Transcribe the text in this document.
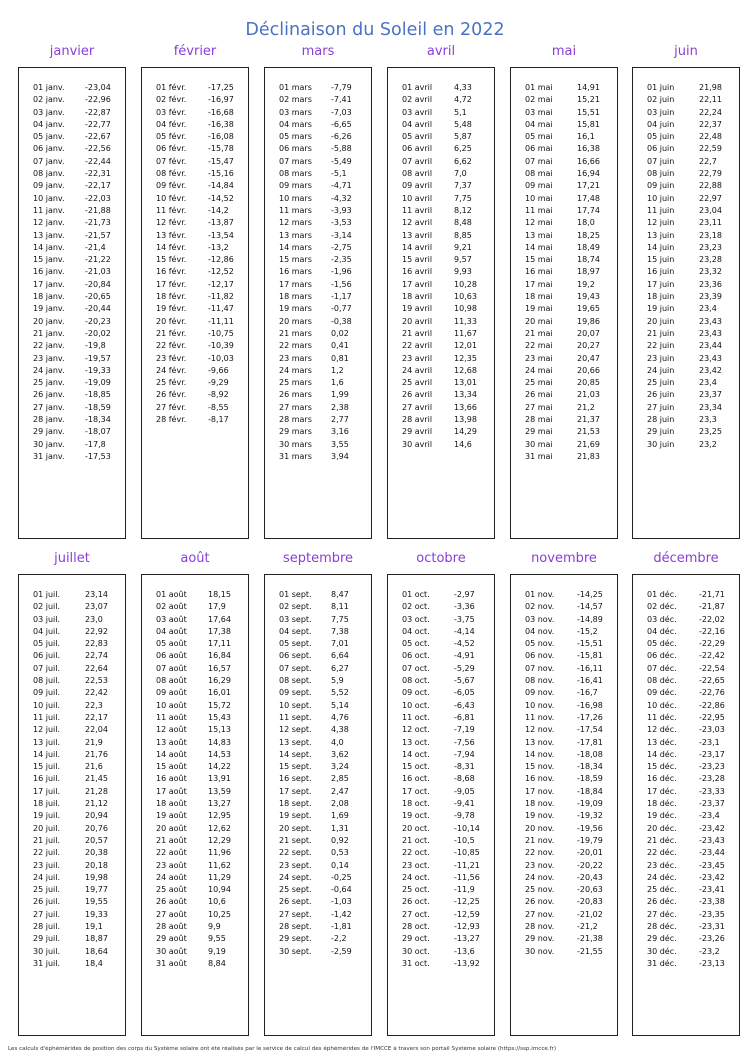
Déclinaison du Soleil en 2022
janvier
01 janv.	-23,04
02 janv.	-22,96
03 janv.	-22,87
04 janv.	-22,77
05 janv.	-22,67
06 janv.	-22,56
07 janv.	-22,44
08 janv.	-22,31
09 janv.	-22,17
10 janv.	-22,03
11 janv.	-21,88
12 janv.	-21,73
13 janv.	-21,57
14 janv.	-21,4
15 janv.	-21,22
16 janv.	-21,03
17 janv.	-20,84
18 janv.	-20,65
19 janv.	-20,44
20 janv.	-20,23
21 janv.	-20,02
22 janv.	-19,8
23 janv.	-19,57
24 janv.	-19,33
25 janv.	-19,09
26 janv.	-18,85
27 janv.	-18,59
28 janv.	-18,34
29 janv.	-18,07
30 janv.	-17,8
31 janv.	-17,53
février
01 févr.	-17,25
02 févr.	-16,97
03 févr.	-16,68
04 févr.	-16,38
05 févr.	-16,08
06 févr.	-15,78
07 févr.	-15,47
08 févr.	-15,16
09 févr.	-14,84
10 févr.	-14,52
11 févr.	-14,2
12 févr.	-13,87
13 févr.	-13,54
14 févr.	-13,2
15 févr.	-12,86
16 févr.	-12,52
17 févr.	-12,17
18 févr.	-11,82
19 févr.	-11,47
20 févr.	-11,11
21 févr.	-10,75
22 févr.	-10,39
23 févr.	-10,03
24 févr.	-9,66
25 févr.	-9,29
26 févr.	-8,92
27 févr.	-8,55
28 févr.	-8,17
mars
01 mars -7,79
02 mars -7,41
03 mars -7,03
04 mars -6,65
05 mars -6,26
06 mars -5,88
07 mars -5,49
08 mars -5,1
09 mars -4,71
10 mars -4,32
11 mars -3,93
12 mars -3,53
13 mars -3,14
14 mars -2,75
15 mars -2,35
16 mars -1,96
17 mars -1,56
18 mars -1,17
19 mars -0,77
20 mars -0,38
21 mars 0,02
22 mars 0,41
23 mars 0,81
24 mars 1,2
25 mars 1,6
26 mars 1,99
27 mars 2,38
28 mars 2,77
29 mars 3,16
30 mars 3,55
31 mars 3,94
avril
01 avril	4,33
02 avril	4,72
03 avril	5,1
04 avril	5,48
05 avril	5,87
06 avril	6,25
07 avril	6,62
08 avril	7,0
09 avril	7,37
10 avril	7,75
11 avril	8,12
12 avril	8,48
13 avril	8,85
14 avril	9,21
15 avril	9,57
16 avril	9,93
17 avril	10,28
18 avril	10,63
19 avril	10,98
20 avril	11,33
21 avril	11,67
22 avril	12,01
23 avril	12,35
24 avril	12,68
25 avril	13,01
26 avril	13,34
27 avril	13,66
28 avril	13,98
29 avril	14,29
30 avril	14,6
mai
01 mai	14,91
02 mai	15,21
03 mai	15,51
04 mai	15,81
05 mai	16,1
06 mai	16,38
07 mai	16,66
08 mai	16,94
09 mai	17,21
10 mai	17,48
11 mai	17,74
12 mai	18,0
13 mai	18,25
14 mai	18,49
15 mai	18,74
16 mai	18,97
17 mai	19,2
18 mai	19,43
19 mai	19,65
20 mai	19,86
21 mai	20,07
22 mai	20,27
23 mai	20,47
24 mai	20,66
25 mai	20,85
26 mai	21,03
27 mai	21,2
28 mai	21,37
29 mai	21,53
30 mai	21,69
31 mai	21,83
juin
01 juin	21,98
02 juin	22,11
03 juin	22,24
04 juin	22,37
05 juin	22,48
06 juin	22,59
07 juin	22,7
08 juin	22,79
09 juin	22,88
10 juin	22,97
11 juin	23,04
12 juin	23,11
13 juin	23,18
14 juin	23,23
15 juin	23,28
16 juin	23,32
17 juin	23,36
18 juin	23,39
19 juin	23,4
20 juin	23,43
21 juin	23,43
22 juin	23,44
23 juin	23,43
24 juin	23,42
25 juin	23,4
26 juin	23,37
27 juin	23,34
28 juin	23,3
29 juin	23,25
30 juin	23,2
juillet
01 juil.	23,14
02 juil.	23,07
03 juil.	23,0
04 juil.	22,92
05 juil.	22,83
06 juil.	22,74
07 juil.	22,64
08 juil.	22,53
09 juil.	22,42
10 juil.	22,3
11 juil.	22,17
12 juil.	22,04
13 juil.	21,9
14 juil.	21,76
15 juil.	21,6
16 juil.	21,45
17 juil.	21,28
18 juil.	21,12
19 juil.	20,94
20 juil.	20,76
21 juil.	20,57
22 juil.	20,38
23 juil.	20,18
24 juil.	19,98
25 juil.	19,77
26 juil.	19,55
27 juil.	19,33
28 juil.	19,1
29 juil.	18,87
30 juil.	18,64
31 juil.	18,4
août
01 août	18,15
02 août	17,9
03 août	17,64
04 août	17,38
05 août	17,11
06 août	16,84
07 août	16,57
08 août	16,29
09 août	16,01
10 août	15,72
11 août	15,43
12 août	15,13
13 août	14,83
14 août	14,53
15 août	14,22
16 août	13,91
17 août	13,59
18 août	13,27
19 août	12,95
20 août	12,62
21 août	12,29
22 août	11,96
23 août	11,62
24 août	11,29
25 août	10,94
26 août	10,6
27 août	10,25
28 août	9,9
29 août	9,55
30 août	9,19
31 août	8,84
septembre
01 sept. 8,47
02 sept. 8,11
03 sept. 7,75
04 sept. 7,38
05 sept. 7,01
06 sept. 6,64
07 sept. 6,27
08 sept. 5,9
09 sept. 5,52
10 sept. 5,14
11 sept. 4,76
12 sept. 4,38
13 sept. 4,0
14 sept. 3,62
15 sept. 3,24
16 sept. 2,85
17 sept. 2,47
18 sept. 2,08
19 sept. 1,69
20 sept. 1,31
21 sept. 0,92
22 sept. 0,53
23 sept. 0,14
24 sept. -0,25
25 sept. -0,64
26 sept. -1,03
27 sept. -1,42
28 sept. -1,81
29 sept. -2,2
30 sept. -2,59
octobre
01 oct.	-2,97
02 oct.	-3,36
03 oct.	-3,75
04 oct.	-4,14
05 oct.	-4,52
06 oct.	-4,91
07 oct.	-5,29
08 oct.	-5,67
09 oct.	-6,05
10 oct.	-6,43
11 oct.	-6,81
12 oct.	-7,19
13 oct.	-7,56
14 oct.	-7,94
15 oct.	-8,31
16 oct.	-8,68
17 oct.	-9,05
18 oct.	-9,41
19 oct.	-9,78
20 oct.	-10,14
21 oct.	-10,5
22 oct.	-10,85
23 oct.	-11,21
24 oct.	-11,56
25 oct.	-11,9
26 oct.	-12,25
27 oct.	-12,59
28 oct.	-12,93
29 oct.	-13,27
30 oct.	-13,6
31 oct.	-13,92
novembre
01 nov.	-14,25
02 nov.	-14,57
03 nov.	-14,89
04 nov.	-15,2
05 nov.	-15,51
06 nov.	-15,81
07 nov.	-16,11
08 nov.	-16,41
09 nov.	-16,7
10 nov.	-16,98
11 nov.	-17,26
12 nov.	-17,54
13 nov.	-17,81
14 nov.	-18,08
15 nov.	-18,34
16 nov.	-18,59
17 nov.	-18,84
18 nov.	-19,09
19 nov.	-19,32
20 nov.	-19,56
21 nov.	-19,79
22 nov.	-20,01
23 nov.	-20,22
24 nov.	-20,43
25 nov.	-20,63
26 nov.	-20,83
27 nov.	-21,02
28 nov.	-21,2
29 nov.	-21,38
30 nov.	-21,55
décembre
01 déc.	-21,71
02 déc.	-21,87
03 déc.	-22,02
04 déc.	-22,16
05 déc.	-22,29
06 déc.	-22,42
07 déc.	-22,54
08 déc.	-22,65
09 déc.	-22,76
10 déc.	-22,86
11 déc.	-22,95
12 déc.	-23,03
13 déc.	-23,1
14 déc.	-23,17
15 déc.	-23,23
16 déc.	-23,28
17 déc.	-23,33
18 déc.	-23,37
19 déc.	-23,4
20 déc.	-23,42
21 déc.	-23,43
22 déc.	-23,44
23 déc.	-23,45
24 déc.	-23,42
25 déc.	-23,41
26 déc.	-23,38
27 déc.	-23,35
28 déc.	-23,31
29 déc.	-23,26
30 déc.	-23,2
31 déc.	-23,13
Les calculs d'éphémérides de position des corps du Système solaire ont été réalisés par le service de calcul des éphémérides de l'IMCCE à travers son portail Système solaire (https://ssp.imcce.fr)
